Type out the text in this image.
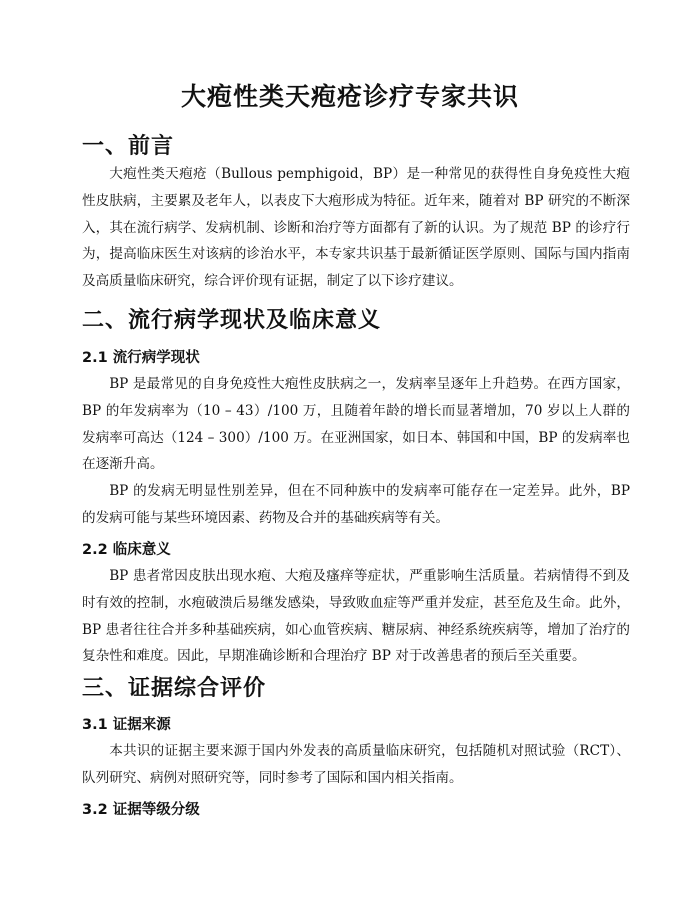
大疱性类天疱疮诊疗专家共识
一、前言

大疱性类天疱疮（Bullous pemphigoid，BP）是一种常见的获得性自身免疫性大疱性皮肤病，主要累及老年人，以表皮下大疱形成为特征。近年来，随着对 BP 研究的不断深入，其在流行病学、发病机制、诊断和治疗等方面都有了新的认识。为了规范 BP 的诊疗行为，提高临床医生对该病的诊治水平，本专家共识基于最新循证医学原则、国际与国内指南及高质量临床研究，综合评价现有证据，制定了以下诊疗建议。

二、流行病学现状及临床意义
2.1 流行病学现状

BP 是最常见的自身免疫性大疱性皮肤病之一，发病率呈逐年上升趋势。在西方国家，BP 的年发病率为（10 – 43）/100 万，且随着年龄的增长而显著增加，70 岁以上人群的发病率可高达（124 – 300）/100 万。在亚洲国家，如日本、韩国和中国，BP 的发病率也在逐渐升高。

BP 的发病无明显性别差异，但在不同种族中的发病率可能存在一定差异。此外，BP 的发病可能与某些环境因素、药物及合并的基础疾病等有关。

2.2 临床意义

BP 患者常因皮肤出现水疱、大疱及瘙痒等症状，严重影响生活质量。若病情得不到及时有效的控制，水疱破溃后易继发感染，导致败血症等严重并发症，甚至危及生命。此外，BP 患者往往合并多种基础疾病，如心血管疾病、糖尿病、神经系统疾病等，增加了治疗的复杂性和难度。因此，早期准确诊断和合理治疗 BP 对于改善患者的预后至关重要。

三、证据综合评价
3.1 证据来源

本共识的证据主要来源于国内外发表的高质量临床研究，包括随机对照试验（RCT）、队列研究、病例对照研究等，同时参考了国际和国内相关指南。

3.2 证据等级分级
